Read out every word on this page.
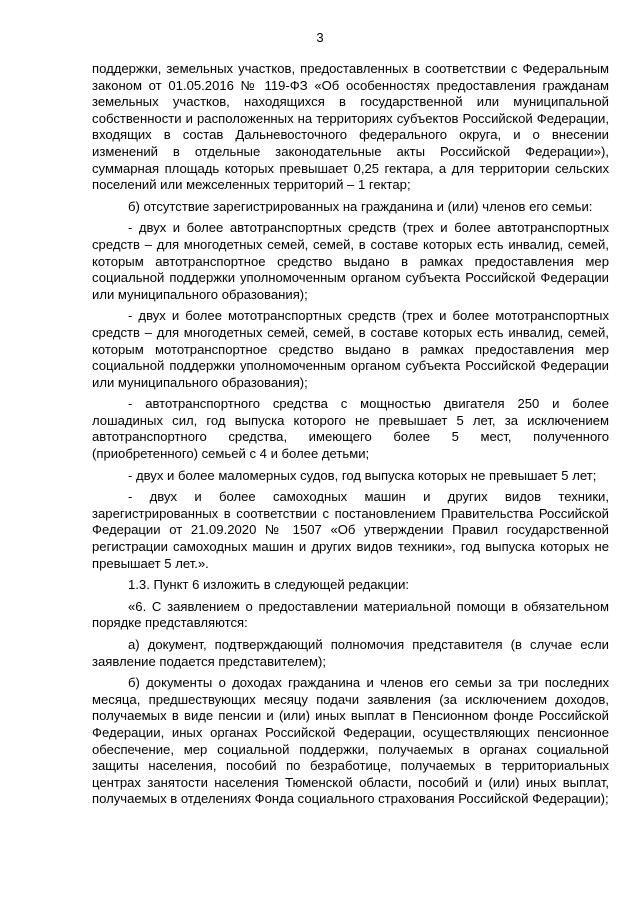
3

поддержки, земельных участков, предоставленных в соответствии с Федеральным законом от 01.05.2016 № 119-ФЗ «Об особенностях предоставления гражданам земельных участков, находящихся в государственной или муниципальной собственности и расположенных на территориях субъектов Российской Федерации, входящих в состав Дальневосточного федерального округа, и о внесении изменений в отдельные законодательные акты Российской Федерации»), суммарная площадь которых превышает 0,25 гектара, а для территории сельских поселений или межселенных территорий – 1 гектар;

б) отсутствие зарегистрированных на гражданина и (или) членов его семьи:

- двух и более автотранспортных средств (трех и более автотранспортных средств – для многодетных семей, семей, в составе которых есть инвалид, семей, которым автотранспортное средство выдано в рамках предоставления мер социальной поддержки уполномоченным органом субъекта Российской Федерации или муниципального образования);

- двух и более мототранспортных средств (трех и более мототранспортных средств – для многодетных семей, семей, в составе которых есть инвалид, семей, которым мототранспортное средство выдано в рамках предоставления мер социальной поддержки уполномоченным органом субъекта Российской Федерации или муниципального образования);

- автотранспортного средства с мощностью двигателя 250 и более лошадиных сил, год выпуска которого не превышает 5 лет, за исключением автотранспортного средства, имеющего более 5 мест, полученного (приобретенного) семьей с 4 и более детьми;

- двух и более маломерных судов, год выпуска которых не превышает 5 лет;

- двух и более самоходных машин и других видов техники, зарегистрированных в соответствии с постановлением Правительства Российской Федерации от 21.09.2020 № 1507 «Об утверждении Правил государственной регистрации самоходных машин и других видов техники», год выпуска которых не превышает 5 лет.».

1.3. Пункт 6 изложить в следующей редакции:

«6. С заявлением о предоставлении материальной помощи в обязательном порядке представляются:

а) документ, подтверждающий полномочия представителя (в случае если заявление подается представителем);

б) документы о доходах гражданина и членов его семьи за три последних месяца, предшествующих месяцу подачи заявления (за исключением доходов, получаемых в виде пенсии и (или) иных выплат в Пенсионном фонде Российской Федерации, иных органах Российской Федерации, осуществляющих пенсионное обеспечение, мер социальной поддержки, получаемых в органах социальной защиты населения, пособий по безработице, получаемых в территориальных центрах занятости населения Тюменской области, пособий и (или) иных выплат, получаемых в отделениях Фонда социального страхования Российской Федерации);
